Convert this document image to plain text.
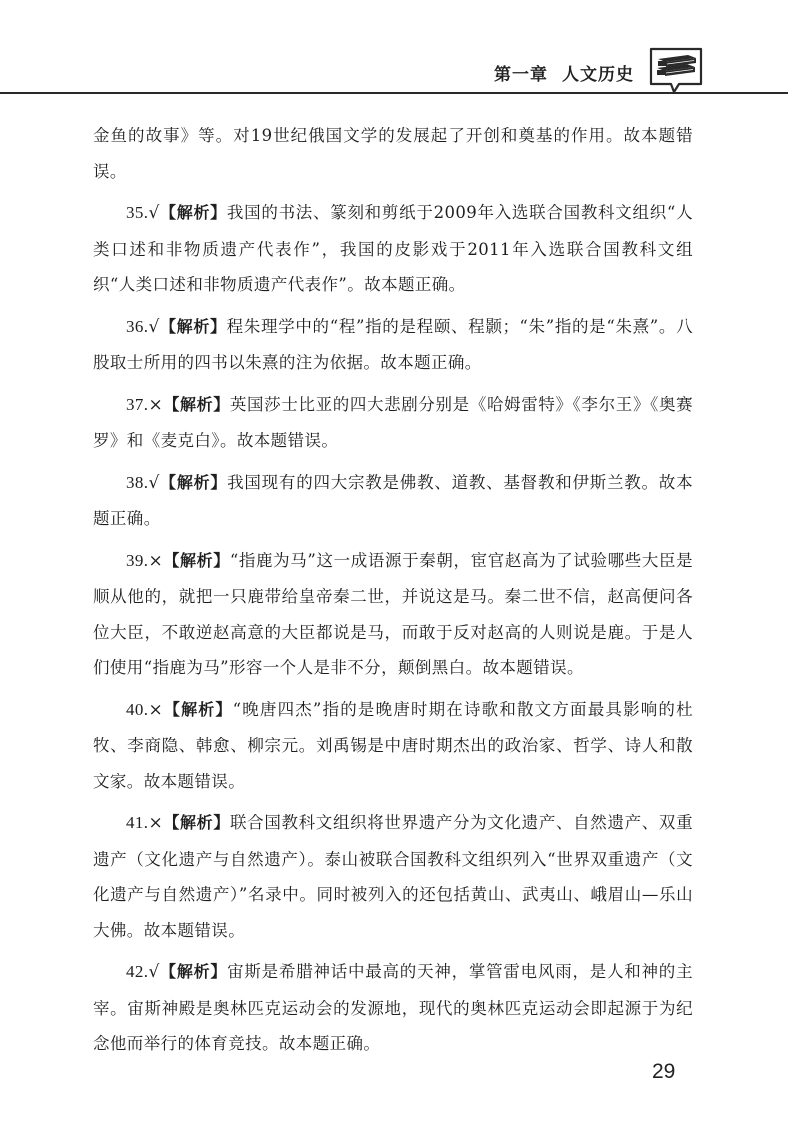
第一章 人文历史

金鱼的故事》等。对19世纪俄国文学的发展起了开创和奠基的作用。故本题错误。

35.√【解析】我国的书法、篆刻和剪纸于2009年入选联合国教科文组织“人类口述和非物质遗产代表作”，我国的皮影戏于2011年入选联合国教科文组织“人类口述和非物质遗产代表作”。故本题正确。

36.√【解析】程朱理学中的“程”指的是程颐、程颢；“朱”指的是“朱熹”。八股取士所用的四书以朱熹的注为依据。故本题正确。

37.×【解析】英国莎士比亚的四大悲剧分别是《哈姆雷特》《李尔王》《奥赛罗》和《麦克白》。故本题错误。

38.√【解析】我国现有的四大宗教是佛教、道教、基督教和伊斯兰教。故本题正确。

39.×【解析】“指鹿为马”这一成语源于秦朝，宦官赵高为了试验哪些大臣是顺从他的，就把一只鹿带给皇帝秦二世，并说这是马。秦二世不信，赵高便问各位大臣，不敢逆赵高意的大臣都说是马，而敢于反对赵高的人则说是鹿。于是人们使用“指鹿为马”形容一个人是非不分，颠倒黑白。故本题错误。

40.×【解析】“晚唐四杰”指的是晚唐时期在诗歌和散文方面最具影响的杜牧、李商隐、韩愈、柳宗元。刘禹锡是中唐时期杰出的政治家、哲学、诗人和散文家。故本题错误。

41.×【解析】联合国教科文组织将世界遗产分为文化遗产、自然遗产、双重遗产（文化遗产与自然遗产）。泰山被联合国教科文组织列入“世界双重遗产（文化遗产与自然遗产）”名录中。同时被列入的还包括黄山、武夷山、峨眉山—乐山大佛。故本题错误。

42.√【解析】宙斯是希腊神话中最高的天神，掌管雷电风雨，是人和神的主宰。宙斯神殿是奥林匹克运动会的发源地，现代的奥林匹克运动会即起源于为纪念他而举行的体育竞技。故本题正确。

29
